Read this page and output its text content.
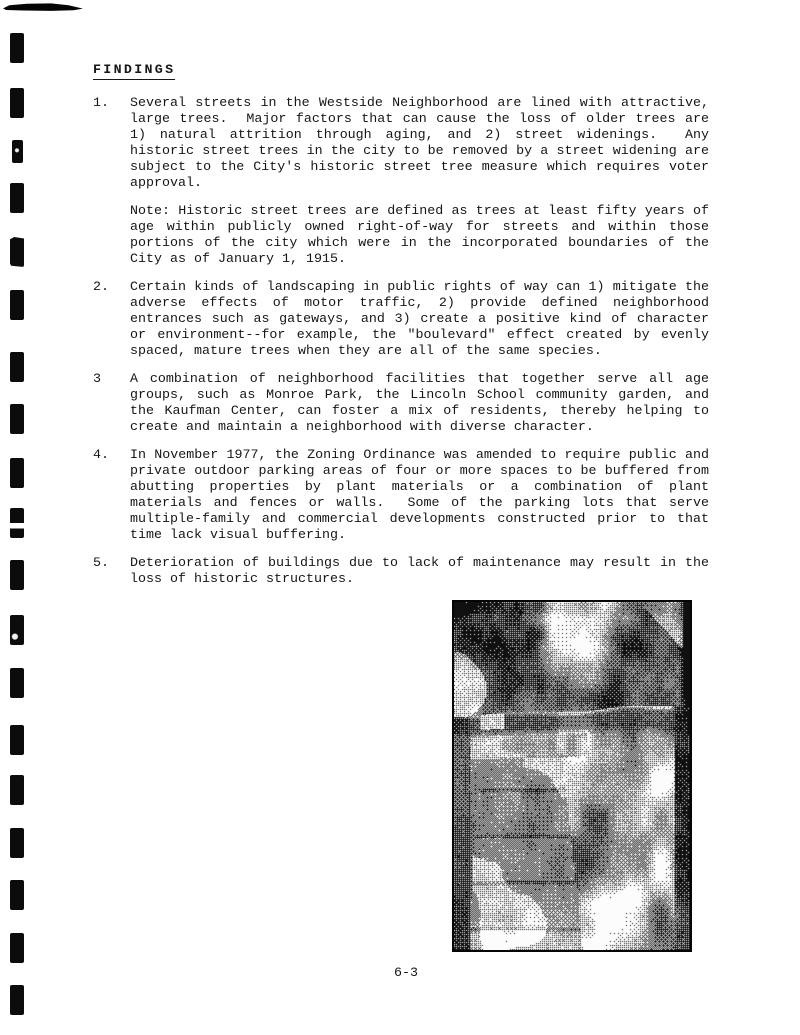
FINDINGS
1. Several streets in the Westside Neighborhood are lined with attractive, large trees.  Major factors that can cause the loss of older trees are 1) natural attrition through aging, and 2) street widenings.  Any historic street trees in the city to be removed by a street widening are subject to the City's historic street tree measure which requires voter approval.

Note: Historic street trees are defined as trees at least fifty years of age within publicly owned right-of-way for streets and within those portions of the city which were in the incorporated boundaries of the City as of January 1, 1915.

2. Certain kinds of landscaping in public rights of way can 1) mitigate the adverse effects of motor traffic, 2) provide defined neighborhood entrances such as gateways, and 3) create a positive kind of character or environment--for example, the "boulevard" effect created by evenly spaced, mature trees when they are all of the same species.

3 A combination of neighborhood facilities that together serve all age groups, such as Monroe Park, the Lincoln School community garden, and the Kaufman Center, can foster a mix of residents, thereby helping to create and maintain a neighborhood with diverse character.

4. In November 1977, the Zoning Ordinance was amended to require public and private outdoor parking areas of four or more spaces to be buffered from abutting properties by plant materials or a combination of plant materials and fences or walls.  Some of the parking lots that serve multiple-family and commercial developments constructed prior to that time lack visual buffering.

5. Deterioration of buildings due to lack of maintenance may result in the loss of historic structures.

6-3
